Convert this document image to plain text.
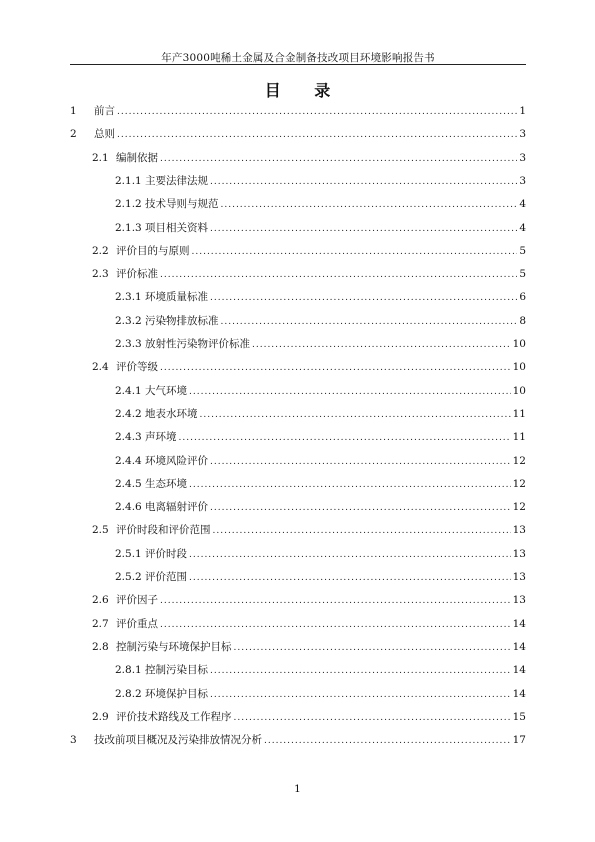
年产3000吨稀土金属及合金制备技改项目环境影响报告书
目 录
1	前言 .....	1
2	总则 .....	3
2.1 编制依据 .....	3
2.1.1 主要法律法规 .....	3
2.1.2 技术导则与规范 .....	4
2.1.3 项目相关资料 .....	4
2.2 评价目的与原则 .....	5
2.3 评价标准 .....	5
2.3.1 环境质量标准 .....	6
2.3.2 污染物排放标准 .....	8
2.3.3 放射性污染物评价标准 .....	10
2.4 评价等级 .....	10
2.4.1 大气环境 .....	10
2.4.2 地表水环境 .....	11
2.4.3 声环境 .....	11
2.4.4 环境风险评价 .....	12
2.4.5 生态环境 .....	12
2.4.6 电离辐射评价 .....	12
2.5 评价时段和评价范围 .....	13
2.5.1 评价时段 .....	13
2.5.2 评价范围 .....	13
2.6 评价因子 .....	13
2.7 评价重点 .....	14
2.8 控制污染与环境保护目标 .....	14
2.8.1 控制污染目标 .....	14
2.8.2 环境保护目标 .....	14
2.9 评价技术路线及工作程序 .....	15
3	技改前项目概况及污染排放情况分析 .....	17
1
